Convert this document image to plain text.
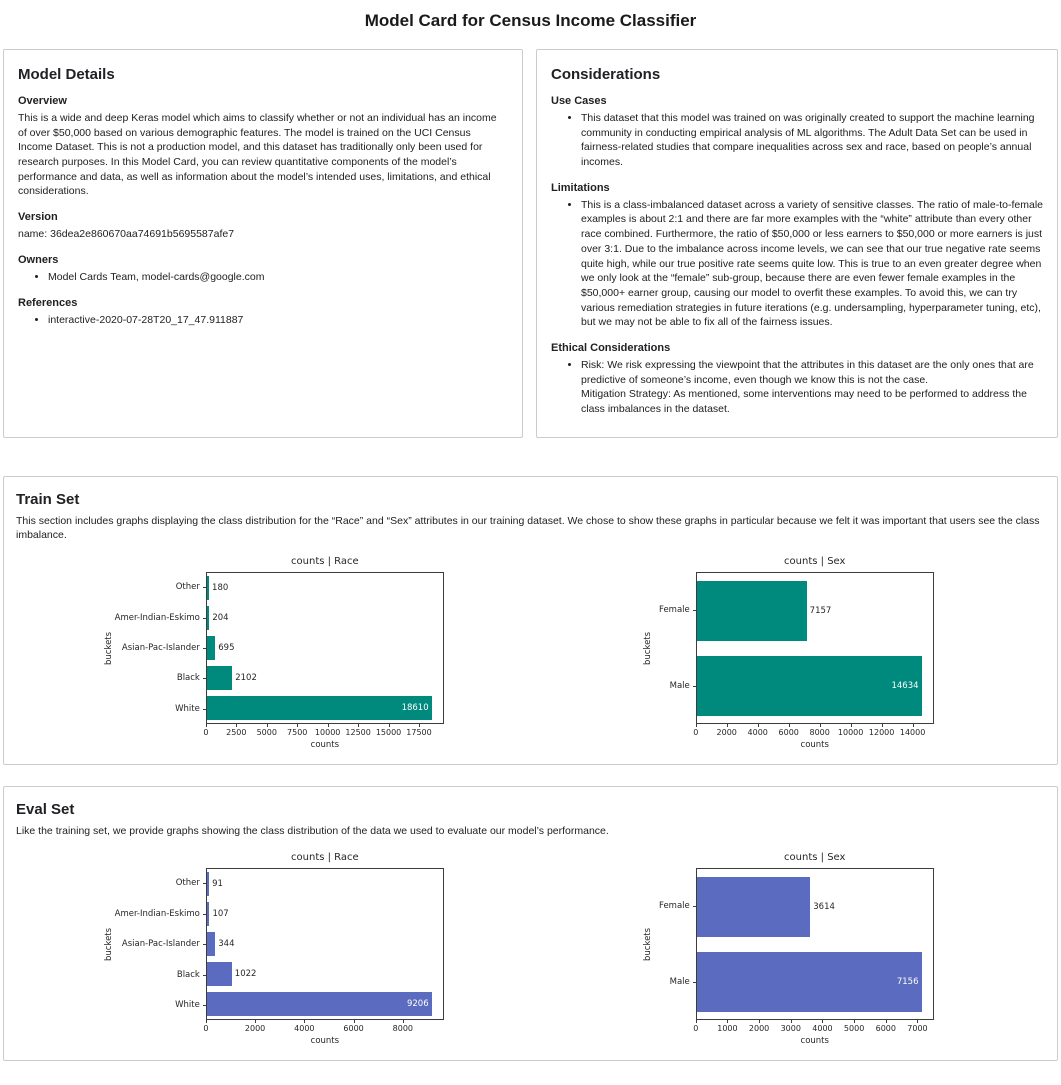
Model Card for Census Income Classifier
Model Details
Overview

This is a wide and deep Keras model which aims to classify whether or not an individual has an income of over $50,000 based on various demographic features. The model is trained on the UCI Census Income Dataset. This is not a production model, and this dataset has traditionally only been used for research purposes. In this Model Card, you can review quantitative components of the model’s performance and data, as well as information about the model’s intended uses, limitations, and ethical considerations.

Version

name: 36dea2e860670aa74691b5695587afe7

Owners
• Model Cards Team, model-cards@google.com
References
• interactive-2020-07-28T20_17_47.911887
Considerations
Use Cases
• This dataset that this model was trained on was originally created to support the machine learning community in conducting empirical analysis of ML algorithms. The Adult Data Set can be used in fairness-related studies that compare inequalities across sex and race, based on people’s annual incomes.
Limitations
• This is a class-imbalanced dataset across a variety of sensitive classes. The ratio of male-to-female examples is about 2:1 and there are far more examples with the “white” attribute than every other race combined. Furthermore, the ratio of $50,000 or less earners to $50,000 or more earners is just over 3:1. Due to the imbalance across income levels, we can see that our true negative rate seems quite high, while our true positive rate seems quite low. This is true to an even greater degree when we only look at the “female” sub-group, because there are even fewer female examples in the $50,000+ earner group, causing our model to overfit these examples. To avoid this, we can try various remediation strategies in future iterations (e.g. undersampling, hyperparameter tuning, etc), but we may not be able to fix all of the fairness issues.
Ethical Considerations
• Risk: We risk expressing the viewpoint that the attributes in this dataset are the only ones that are predictive of someone’s income, even though we know this is not the case.
Mitigation Strategy: As mentioned, some interventions may need to be performed to address the class imbalances in the dataset.
Train Set

This section includes graphs displaying the class distribution for the “Race” and “Sex” attributes in our training dataset. We chose to show these graphs in particular because we felt it was important that users see the class imbalance.

counts | Race
buckets
Other
Amer-Indian-Eskimo
Asian-Pac-Islander
Black
White
180
204
695
2102
18610
0 2500 5000 7500 10000 12500 15000 17500
counts
counts | Sex
buckets
Female
Male
7157
14634
0 2000 4000 6000 8000 10000 12000 14000
counts
Eval Set

Like the training set, we provide graphs showing the class distribution of the data we used to evaluate our model’s performance.

counts | Race
buckets
Other
Amer-Indian-Eskimo
Asian-Pac-Islander
Black
White
91
107
344
1022
9206
0	2000	4000	6000	8000
counts
counts | Sex
buckets
Female
Male
3614
7156
0 1000 2000 3000 4000 5000 6000 7000
counts
